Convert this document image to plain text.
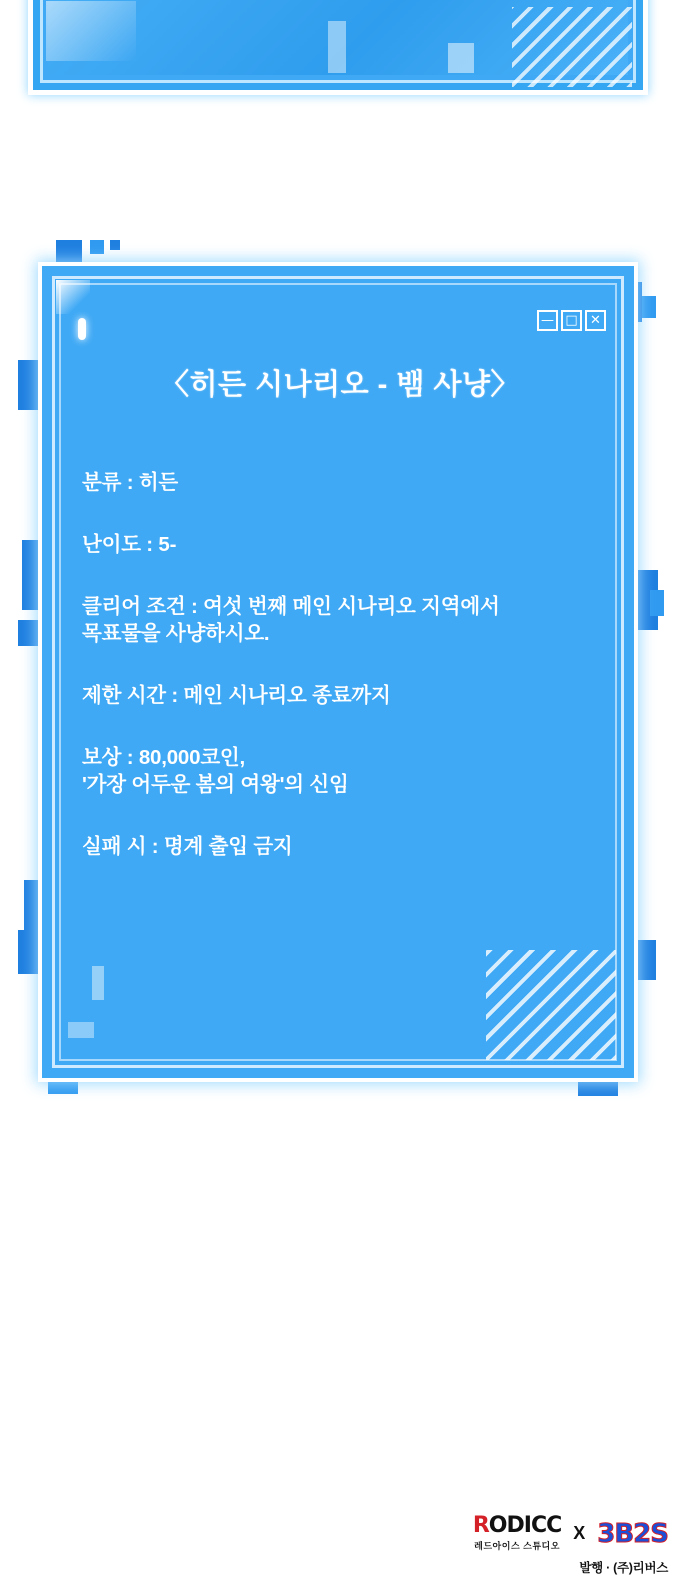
— □ ✕
〈히든 시나리오 - 뱀 사냥〉
분류 : 히든
난이도 : 5-
클리어 조건 : 여섯 번째 메인 시나리오 지역에서
목표물을 사냥하시오.
제한 시간 : 메인 시나리오 종료까지
보상 : 80,000코인,
'가장 어두운 봄의 여왕'의 신임
실패 시 : 명계 출입 금지
RODICC
레드아이스 스튜디오
X 3B2S
발행 · (주)리버스
